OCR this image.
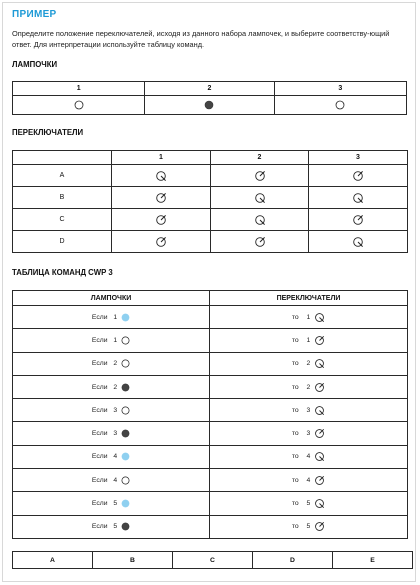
ПРИМЕР
Определите положение переключателей, исходя из данного набора лампочек, и выберите соответству-ющий ответ. Для интерпретации используйте таблицу команд.
ЛАМПОЧКИ
1	2	3

ПЕРЕКЛЮЧАТЕЛИ
	1	2	3
A			
B			
C			
D			
ТАБЛИЦА КОМАНД CWP 3
ЛАМПОЧКИ	ПЕРЕКЛЮЧАТЕЛИ
Если 1	то 1
Если 1	то 1
Если 2	то 2
Если 2	то 2
Если 3	то 3
Если 3	то 3
Если 4	то 4
Если 4	то 4
Если 5	то 5
Если 5	то 5
A	B	C	D	E
